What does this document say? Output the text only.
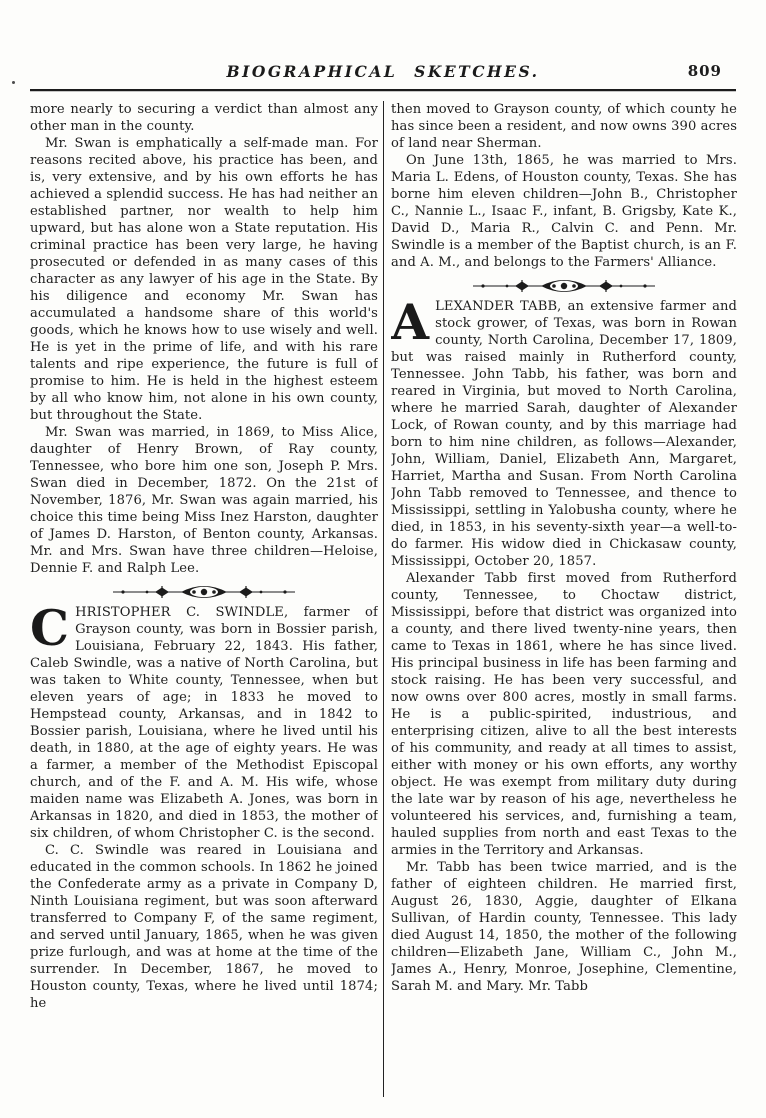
BIOGRAPHICAL SKETCHES.	809

more nearly to securing a verdict than almost any other man in the county.

Mr. Swan is emphatically a self-made man. For reasons recited above, his practice has been, and is, very extensive, and by his own efforts he has achieved a splendid success. He has had neither an established partner, nor wealth to help him upward, but has alone won a State reputation. His criminal practice has been very large, he having prosecuted or defended in as many cases of this character as any lawyer of his age in the State. By his diligence and economy Mr. Swan has accumulated a handsome share of this world's goods, which he knows how to use wisely and well. He is yet in the prime of life, and with his rare talents and ripe experience, the future is full of promise to him. He is held in the highest esteem by all who know him, not alone in his own county, but throughout the State.

Mr. Swan was married, in 1869, to Miss Alice, daughter of Henry Brown, of Ray county, Tennessee, who bore him one son, Joseph P. Mrs. Swan died in December, 1872. On the 21st of November, 1876, Mr. Swan was again married, his choice this time being Miss Inez Harston, daughter of James D. Harston, of Benton county, Arkansas. Mr. and Mrs. Swan have three children—Heloise, Dennie F. and Ralph Lee.

CHRISTOPHER C. SWINDLE, farmer of Grayson county, was born in Bossier parish, Louisiana, February 22, 1843. His father, Caleb Swindle, was a native of North Carolina, but was taken to White county, Tennessee, when but eleven years of age; in 1833 he moved to Hempstead county, Arkansas, and in 1842 to Bossier parish, Louisiana, where he lived until his death, in 1880, at the age of eighty years. He was a farmer, a member of the Methodist Episcopal church, and of the F. and A. M. His wife, whose maiden name was Elizabeth A. Jones, was born in Arkansas in 1820, and died in 1853, the mother of six children, of whom Christopher C. is the second.

C. C. Swindle was reared in Louisiana and educated in the common schools. In 1862 he joined the Confederate army as a private in Company D, Ninth Louisiana regiment, but was soon afterward transferred to Company F, of the same regiment, and served until January, 1865, when he was given prize furlough, and was at home at the time of the surrender. In December, 1867, he moved to Houston county, Texas, where he lived until 1874; he

then moved to Grayson county, of which county he has since been a resident, and now owns 390 acres of land near Sherman.

On June 13th, 1865, he was married to Mrs. Maria L. Edens, of Houston county, Texas. She has borne him eleven children—John B., Christopher C., Nannie L., Isaac F., infant, B. Grigsby, Kate K., David D., Maria R., Calvin C. and Penn. Mr. Swindle is a member of the Baptist church, is an F. and A. M., and belongs to the Farmers' Alliance.

ALEXANDER TABB, an extensive farmer and stock grower, of Texas, was born in Rowan county, North Carolina, December 17, 1809, but was raised mainly in Rutherford county, Tennessee. John Tabb, his father, was born and reared in Virginia, but moved to North Carolina, where he married Sarah, daughter of Alexander Lock, of Rowan county, and by this marriage had born to him nine children, as follows—Alexander, John, William, Daniel, Elizabeth Ann, Margaret, Harriet, Martha and Susan. From North Carolina John Tabb removed to Tennessee, and thence to Mississippi, settling in Yalobusha county, where he died, in 1853, in his seventy-sixth year—a well-to-do farmer. His widow died in Chickasaw county, Mississippi, October 20, 1857.

Alexander Tabb first moved from Rutherford county, Tennessee, to Choctaw district, Mississippi, before that district was organized into a county, and there lived twenty-nine years, then came to Texas in 1861, where he has since lived. His principal business in life has been farming and stock raising. He has been very successful, and now owns over 800 acres, mostly in small farms. He is a public-spirited, industrious, and enterprising citizen, alive to all the best interests of his community, and ready at all times to assist, either with money or his own efforts, any worthy object. He was exempt from military duty during the late war by reason of his age, nevertheless he volunteered his services, and, furnishing a team, hauled supplies from north and east Texas to the armies in the Territory and Arkansas.

Mr. Tabb has been twice married, and is the father of eighteen children. He married first, August 26, 1830, Aggie, daughter of Elkana Sullivan, of Hardin county, Tennessee. This lady died August 14, 1850, the mother of the following children—Elizabeth Jane, William C., John M., James A., Henry, Monroe, Josephine, Clementine, Sarah M. and Mary. Mr. Tabb
